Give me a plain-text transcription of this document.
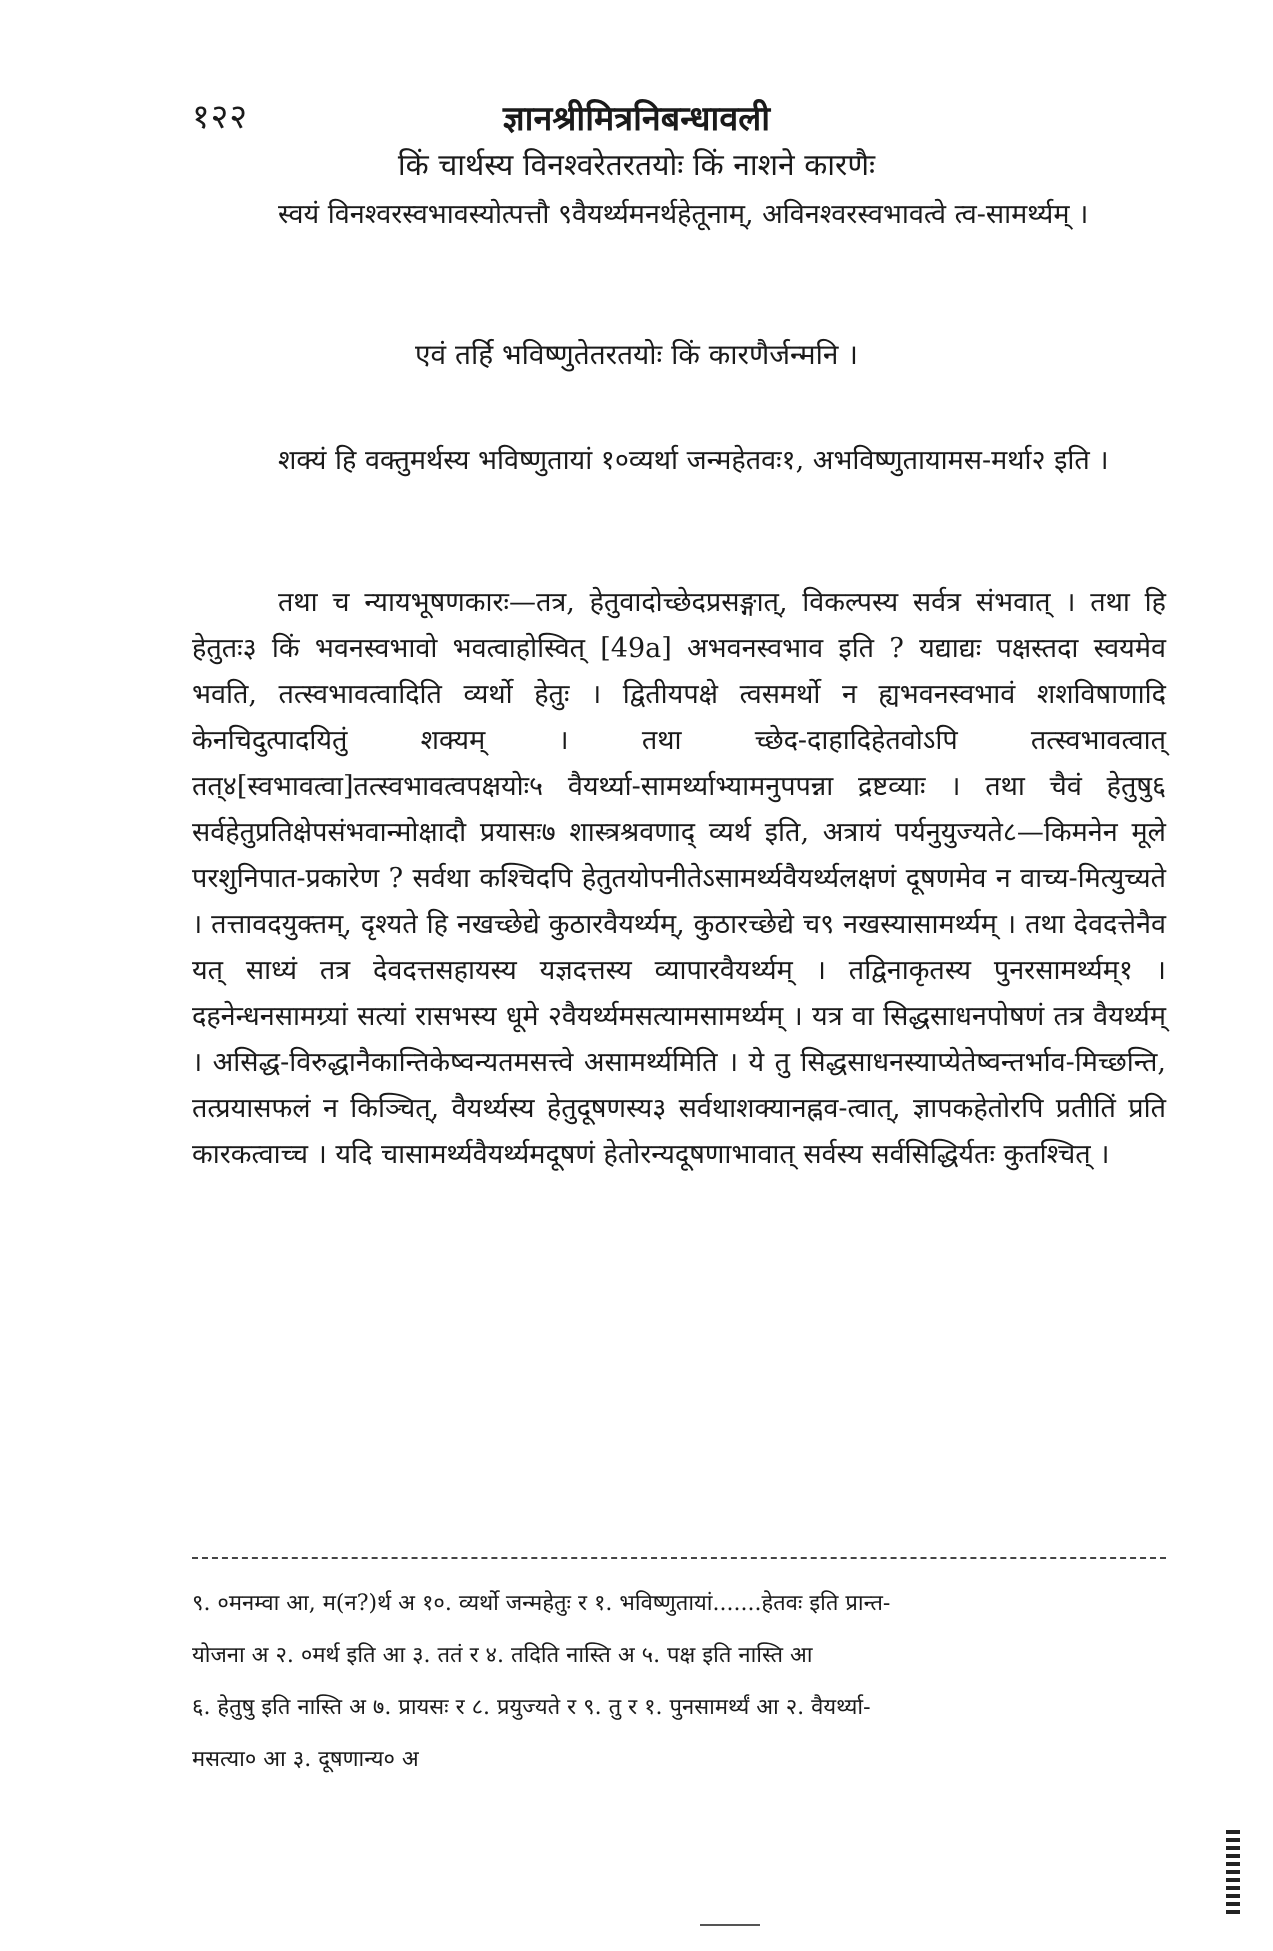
१२२	ज्ञानश्रीमित्रनिबन्धावली
किं चार्थस्य विनश्वरेतरतयोः किं नाशने कारणैः

स्वयं विनश्वरस्वभावस्योत्पत्तौ ९वैयर्थ्यमनर्थहेतूनाम्, अविनश्वरस्वभावत्वे त्व-सामर्थ्यम् ।

एवं तर्हि भविष्णुतेतरतयोः किं कारणैर्जन्मनि ।

शक्यं हि वक्तुमर्थस्य भविष्णुतायां १०व्यर्था जन्महेतवः१, अभविष्णुतायामस-मर्था२ इति ।

तथा च न्यायभूषणकारः—तत्र, हेतुवादोच्छेदप्रसङ्गात्, विकल्पस्य सर्वत्र संभवात् । तथा हि हेतुतः३ किं भवनस्वभावो भवत्वाहोस्वित् [49a] अभवनस्वभाव इति ? यद्याद्यः पक्षस्तदा स्वयमेव भवति, तत्स्वभावत्वादिति व्यर्थो हेतुः । द्वितीयपक्षे त्वसमर्थो न ह्यभवनस्वभावं शशविषाणादि केनचिदुत्पादयितुं शक्यम् । तथा च्छेद-दाहादिहेतवोऽपि तत्स्वभावत्वात् तत्४[स्वभावत्वा]तत्स्वभावत्वपक्षयोः५ वैयर्थ्या-सामर्थ्याभ्यामनुपपन्ना द्रष्टव्याः । तथा चैवं हेतुषु६ सर्वहेतुप्रतिक्षेपसंभवान्मोक्षादौ प्रयासः७ शास्त्रश्रवणाद् व्यर्थ इति, अत्रायं पर्यनुयुज्यते८—किमनेन मूले परशुनिपात-प्रकारेण ? सर्वथा कश्चिदपि हेतुतयोपनीतेऽसामर्थ्यवैयर्थ्यलक्षणं दूषणमेव न वाच्य-मित्युच्यते । तत्तावदयुक्तम्, दृश्यते हि नखच्छेद्ये कुठारवैयर्थ्यम्, कुठारच्छेद्ये च९ नखस्यासामर्थ्यम् । तथा देवदत्तेनैव यत् साध्यं तत्र देवदत्तसहायस्य यज्ञदत्तस्य व्यापारवैयर्थ्यम् । तद्विनाकृतस्य पुनरसामर्थ्यम्१ । दहनेन्धनसामग्र्यां सत्यां रासभस्य धूमे २वैयर्थ्यमसत्यामसामर्थ्यम् । यत्र वा सिद्धसाधनपोषणं तत्र वैयर्थ्यम् । असिद्ध-विरुद्धानैकान्तिकेष्वन्यतमसत्त्वे असामर्थ्यमिति । ये तु सिद्धसाधनस्याप्येतेष्वन्तर्भाव-मिच्छन्ति, तत्प्रयासफलं न किञ्चित्, वैयर्थ्यस्य हेतुदूषणस्य३ सर्वथाशक्यानह्नव-त्वात्, ज्ञापकहेतोरपि प्रतीतिं प्रति कारकत्वाच्च । यदि चासामर्थ्यवैयर्थ्यमदूषणं हेतोरन्यदूषणाभावात् सर्वस्य सर्वसिद्धिर्यतः कुतश्चित् ।

९. ०मनम्वा आ, म(न?)र्थ अ १०. व्यर्थो जन्महेतुः र १. भविष्णुतायां.......हेतवः इति प्रान्त-

योजना अ २. ०मर्थ इति आ ३. ततं र ४. तदिति नास्ति अ ५. पक्ष इति नास्ति आ

६. हेतुषु इति नास्ति अ ७. प्रायसः र ८. प्रयुज्यते र ९. तु र १. पुनसामर्थ्यं आ २. वैयर्थ्या-

मसत्या० आ ३. दूषणान्य० अ
